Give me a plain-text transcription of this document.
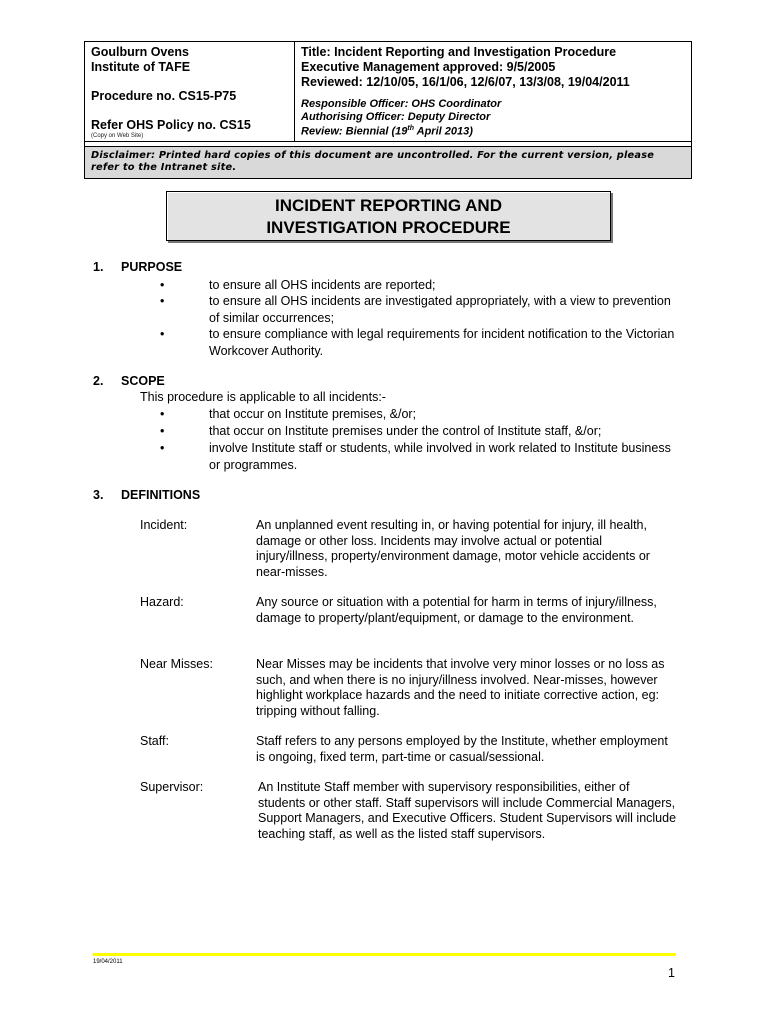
Goulburn Ovens
Institute of TAFE
Procedure no. CS15-P75
Refer OHS Policy no. CS15
(Copy on Web Site)
Title: Incident Reporting and Investigation Procedure
Executive Management approved: 9/5/2005
Reviewed: 12/10/05, 16/1/06, 12/6/07, 13/3/08, 19/04/2011
Responsible Officer: OHS Coordinator
Authorising Officer: Deputy Director
Review: Biennial (19th April 2013)
Disclaimer: Printed hard copies of this document are uncontrolled. For the current version, please refer to the Intranet site.
INCIDENT REPORTING AND
INVESTIGATION PROCEDURE
1. PURPOSE
•	to ensure all OHS incidents are reported;
•	to ensure all OHS incidents are investigated appropriately, with a view to prevention of similar occurrences;
•	to ensure compliance with legal requirements for incident notification to the Victorian Workcover Authority.
2. SCOPE
This procedure is applicable to all incidents:-
•	that occur on Institute premises, &/or;
•	that occur on Institute premises under the control of Institute staff, &/or;
•	involve Institute staff or students, while involved in work related to Institute business or programmes.
3. DEFINITIONS
Incident:	An unplanned event resulting in, or having potential for injury, ill health, damage or other loss. Incidents may involve actual or potential injury/illness, property/environment damage, motor vehicle accidents or near-misses.
Hazard:	Any source or situation with a potential for harm in terms of injury/illness, damage to property/plant/equipment, or damage to the environment.
Near Misses:	Near Misses may be incidents that involve very minor losses or no loss as such, and when there is no injury/illness involved. Near-misses, however highlight workplace hazards and the need to initiate corrective action, eg: tripping without falling.
Staff:	Staff refers to any persons employed by the Institute, whether employment is ongoing, fixed term, part-time or casual/sessional.
Supervisor:	An Institute Staff member with supervisory responsibilities, either of students or other staff. Staff supervisors will include Commercial Managers, Support Managers, and Executive Officers. Student Supervisors will include teaching staff, as well as the listed staff supervisors.
19/04/2011
1
